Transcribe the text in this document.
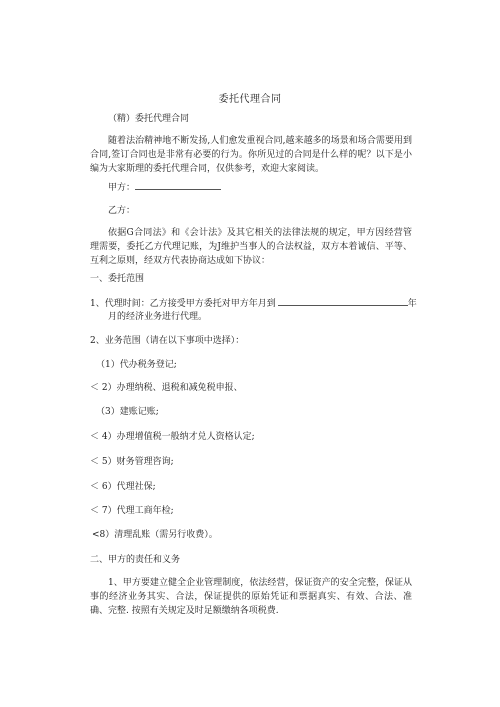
委托代理合同
（精）委托代理合同
随着法治精神地不断发扬,人们愈发重视合同,越来越多的场景和场合需要用到合同,签订合同也是非常有必要的行为。你所见过的合同是什么样的呢？以下是小编为大家斯理的委托代理合同，仅供参考，欢迎大家阅读。
甲方：
乙方：
依据G合同法》和《会计法》及其它相关的法律法规的规定，甲方因经营管理需要，委托乙方代理记账，为J维护当事人的合法权益，双方本着诚信、平等、互利之原则，经双方代表协商达成如下协议：
一、委托范围
1、代理时间：乙方接受甲方委托对甲方年月到	年
月的经济业务进行代理。
2、业务范围（请在以下事项中选择）：
（1）代办税务登记;
＜ 2）办理纳税、退税和减免税申报、
（3）建账记账;
＜ 4）办理增值税一般纳才兑人资格认定;
＜ 5）财务管理咨询;
＜ 6）代理社保;
＜ 7）代理工商年检;
<8）清理乱账（需另行收费）。
二、甲方的责任和义务
1、甲方要建立健全企业管理制度，依法经营，保证资产的安全完整，保证从事的经济业务其实、合法，保证提供的原始凭证和票据真实、有效、合法、准确、完整. 按照有关规定及时足额缴纳各项税费.
